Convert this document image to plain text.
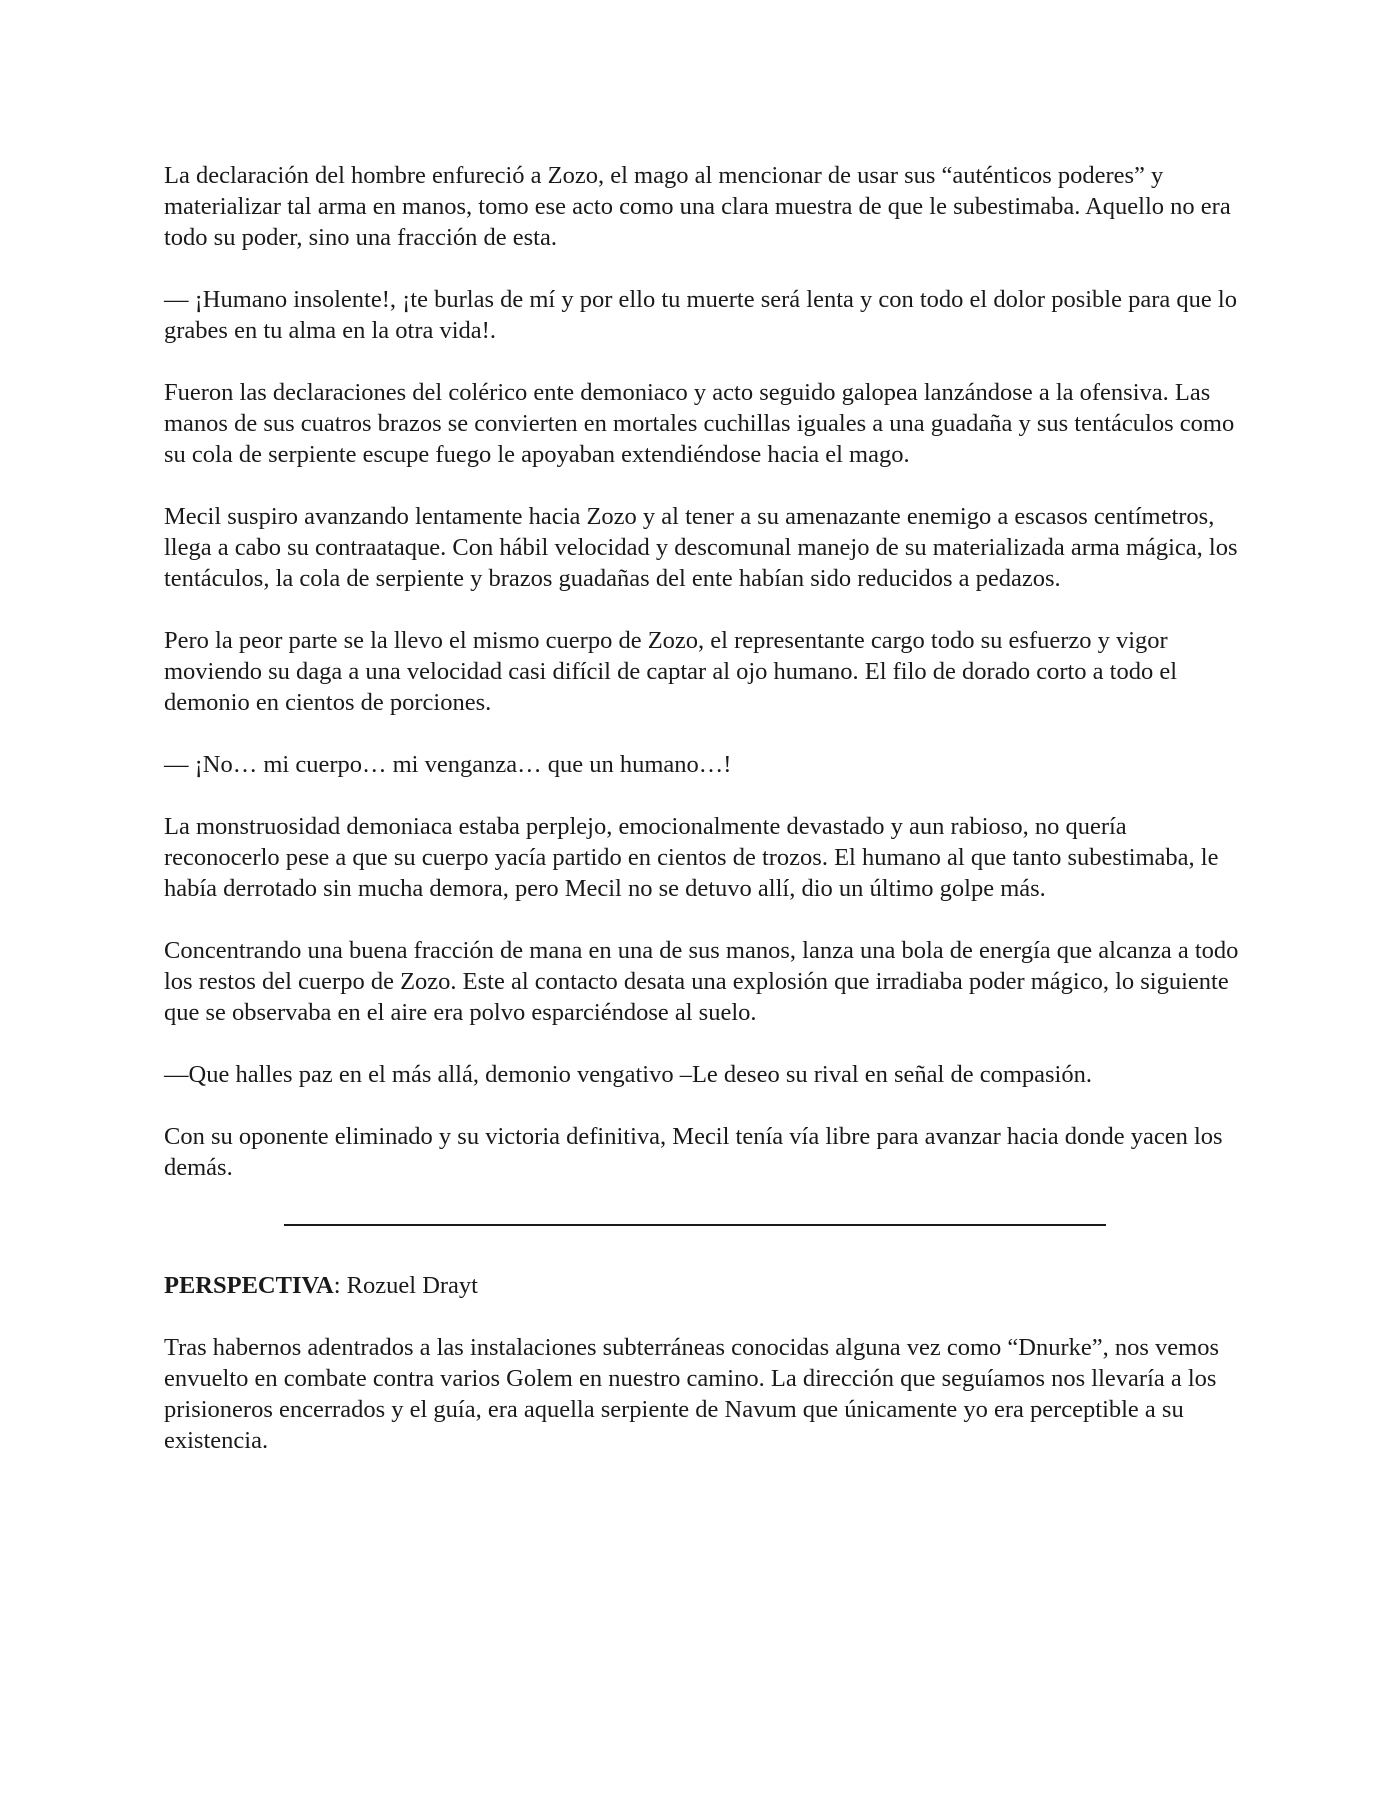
La declaración del hombre enfureció a Zozo, el mago al mencionar de usar sus “auténticos poderes” y materializar tal arma en manos, tomo ese acto como una clara muestra de que le subestimaba. Aquello no era todo su poder, sino una fracción de esta.

— ¡Humano insolente!, ¡te burlas de mí y por ello tu muerte será lenta y con todo el dolor posible para que lo grabes en tu alma en la otra vida!.

Fueron las declaraciones del colérico ente demoniaco y acto seguido galopea lanzándose a la ofensiva. Las manos de sus cuatros brazos se convierten en mortales cuchillas iguales a una guadaña y sus tentáculos como su cola de serpiente escupe fuego le apoyaban extendiéndose hacia el mago.

Mecil suspiro avanzando lentamente hacia Zozo y al tener a su amenazante enemigo a escasos centímetros, llega a cabo su contraataque. Con hábil velocidad y descomunal manejo de su materializada arma mágica, los tentáculos, la cola de serpiente y brazos guadañas del ente habían sido reducidos a pedazos.

Pero la peor parte se la llevo el mismo cuerpo de Zozo, el representante cargo todo su esfuerzo y vigor moviendo su daga a una velocidad casi difícil de captar al ojo humano. El filo de dorado corto a todo el demonio en cientos de porciones.

— ¡No… mi cuerpo… mi venganza… que un humano…!

La monstruosidad demoniaca estaba perplejo, emocionalmente devastado y aun rabioso, no quería reconocerlo pese a que su cuerpo yacía partido en cientos de trozos. El humano al que tanto subestimaba, le había derrotado sin mucha demora, pero Mecil no se detuvo allí, dio un último golpe más.

Concentrando una buena fracción de mana en una de sus manos, lanza una bola de energía que alcanza a todo los restos del cuerpo de Zozo. Este al contacto desata una explosión que irradiaba poder mágico, lo siguiente que se observaba en el aire era polvo esparciéndose al suelo.

—Que halles paz en el más allá, demonio vengativo –Le deseo su rival en señal de compasión.

Con su oponente eliminado y su victoria definitiva, Mecil tenía vía libre para avanzar hacia donde yacen los demás.

PERSPECTIVA: Rozuel Drayt

Tras habernos adentrados a las instalaciones subterráneas conocidas alguna vez como “Dnurke”, nos vemos envuelto en combate contra varios Golem en nuestro camino. La dirección que seguíamos nos llevaría a los prisioneros encerrados y el guía, era aquella serpiente de Navum que únicamente yo era perceptible a su existencia.
